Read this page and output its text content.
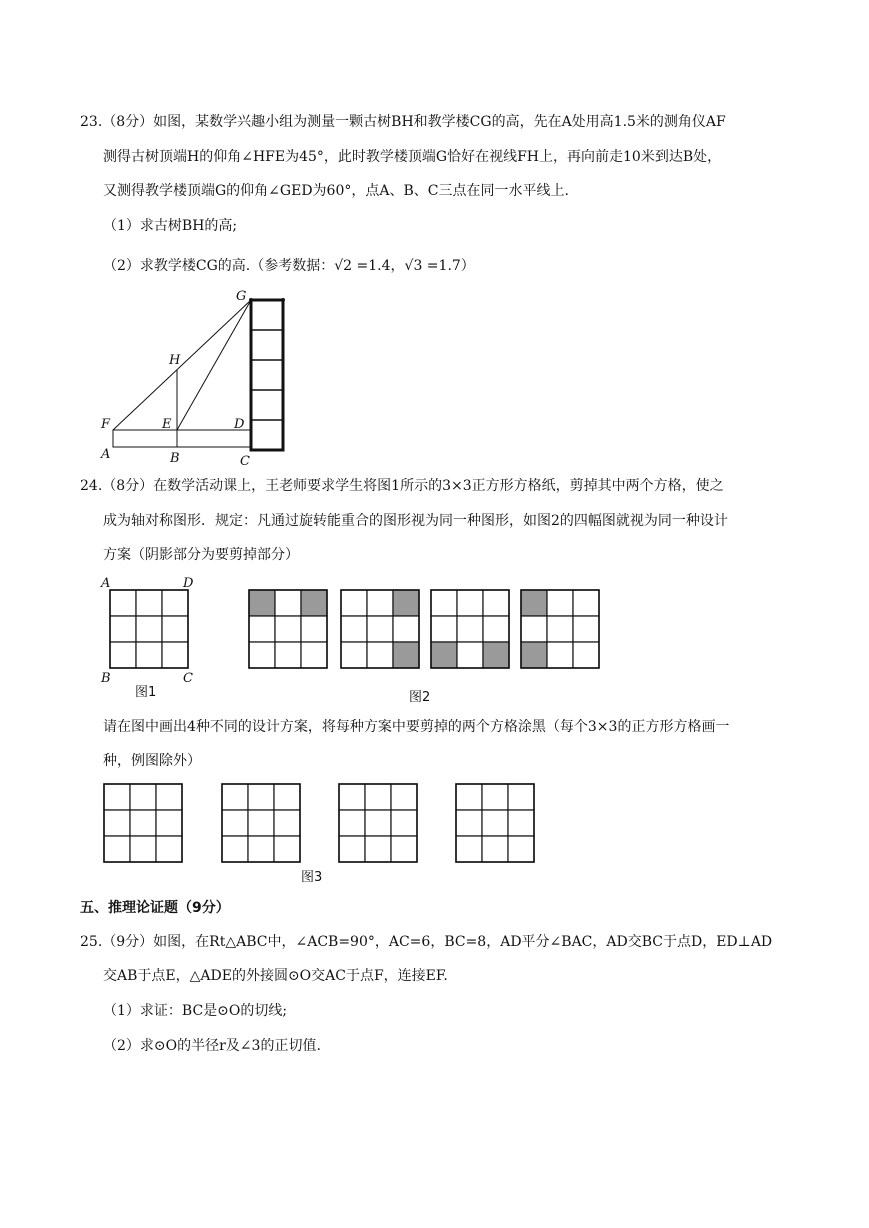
23.（8分）如图，某数学兴趣小组为测量一颗古树BH和教学楼CG的高，先在A处用高1.5米的测角仪AF
测得古树顶端H的仰角∠HFE为45°，此时教学楼顶端G恰好在视线FH上，再向前走10米到达B处，
又测得教学楼顶端G的仰角∠GED为60°，点A、B、C三点在同一水平线上.
（1）求古树BH的高;
（2）求教学楼CG的高.（参考数据：√2 =1.4，√3 =1.7）
G
H
F	E	D
A	B	C
24.（8分）在数学活动课上，王老师要求学生将图1所示的3×3正方形方格纸，剪掉其中两个方格，使之
成为轴对称图形．规定：凡通过旋转能重合的图形视为同一种图形，如图2的四幅图就视为同一种设计
方案（阴影部分为要剪掉部分）
A	D
B	C
图1	图2
请在图中画出4种不同的设计方案，将每种方案中要剪掉的两个方格涂黑（每个3×3的正方形方格画一
种，例图除外）
图3
五、推理论证题（9分）
25.（9分）如图，在Rt△ABC中，∠ACB=90°，AC=6，BC=8，AD平分∠BAC，AD交BC于点D，ED⊥AD
交AB于点E，△ADE的外接圆⊙O交AC于点F，连接EF.
（1）求证：BC是⊙O的切线;
（2）求⊙O的半径r及∠3的正切值.
